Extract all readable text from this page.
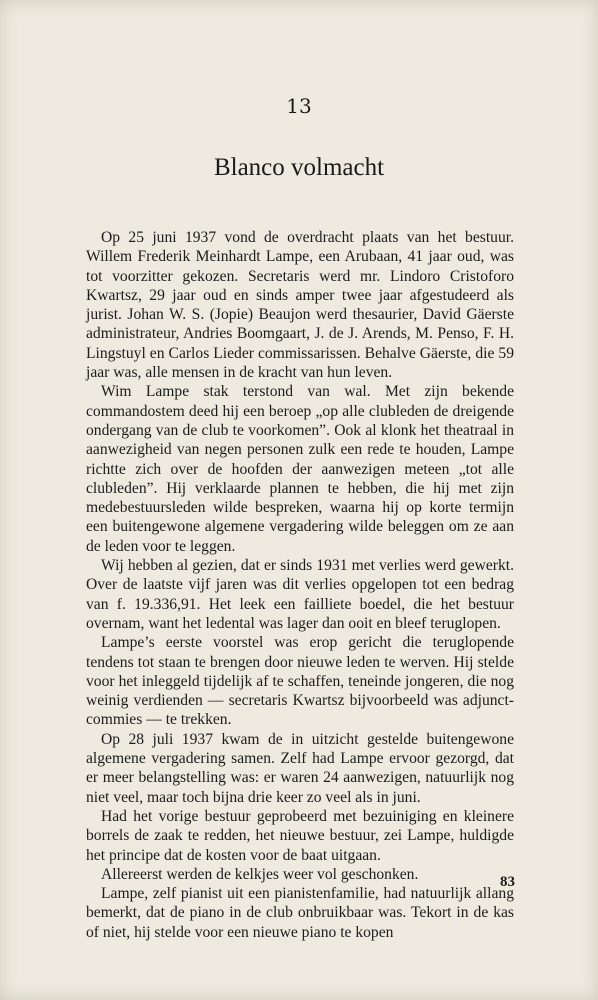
13
Blanco volmacht

Op 25 juni 1937 vond de overdracht plaats van het bestuur. Willem Frederik Meinhardt Lampe, een Arubaan, 41 jaar oud, was tot voorzitter gekozen. Secretaris werd mr. Lindoro Cristoforo Kwartsz, 29 jaar oud en sinds amper twee jaar afgestudeerd als jurist. Johan W. S. (Jopie) Beaujon werd thesaurier, David Gäerste administrateur, Andries Boomgaart, J. de J. Arends, M. Penso, F. H. Lingstuyl en Carlos Lieder commissarissen. Behalve Gäerste, die 59 jaar was, alle mensen in de kracht van hun leven.

Wim Lampe stak terstond van wal. Met zijn bekende commandostem deed hij een beroep „op alle clubleden de dreigende ondergang van de club te voorkomen”. Ook al klonk het theatraal in aanwezigheid van negen personen zulk een rede te houden, Lampe richtte zich over de hoofden der aanwezigen meteen „tot alle clubleden”. Hij verklaarde plannen te hebben, die hij met zijn medebestuursleden wilde bespreken, waarna hij op korte termijn een buitengewone algemene vergadering wilde beleggen om ze aan de leden voor te leggen.

Wij hebben al gezien, dat er sinds 1931 met verlies werd gewerkt. Over de laatste vijf jaren was dit verlies opgelopen tot een bedrag van f. 19.336,91. Het leek een failliete boedel, die het bestuur overnam, want het ledental was lager dan ooit en bleef teruglopen.

Lampe’s eerste voorstel was erop gericht die teruglopende tendens tot staan te brengen door nieuwe leden te werven. Hij stelde voor het inleggeld tijdelijk af te schaffen, teneinde jongeren, die nog weinig verdienden — secretaris Kwartsz bijvoorbeeld was adjunct-commies — te trekken.

Op 28 juli 1937 kwam de in uitzicht gestelde buitengewone algemene vergadering samen. Zelf had Lampe ervoor gezorgd, dat er meer belangstelling was: er waren 24 aanwezigen, natuurlijk nog niet veel, maar toch bijna drie keer zo veel als in juni.

Had het vorige bestuur geprobeerd met bezuiniging en kleinere borrels de zaak te redden, het nieuwe bestuur, zei Lampe, huldigde het principe dat de kosten voor de baat uitgaan.

Allereerst werden de kelkjes weer vol geschonken.

Lampe, zelf pianist uit een pianistenfamilie, had natuurlijk allang bemerkt, dat de piano in de club onbruikbaar was. Tekort in de kas of niet, hij stelde voor een nieuwe piano te kopen

83
